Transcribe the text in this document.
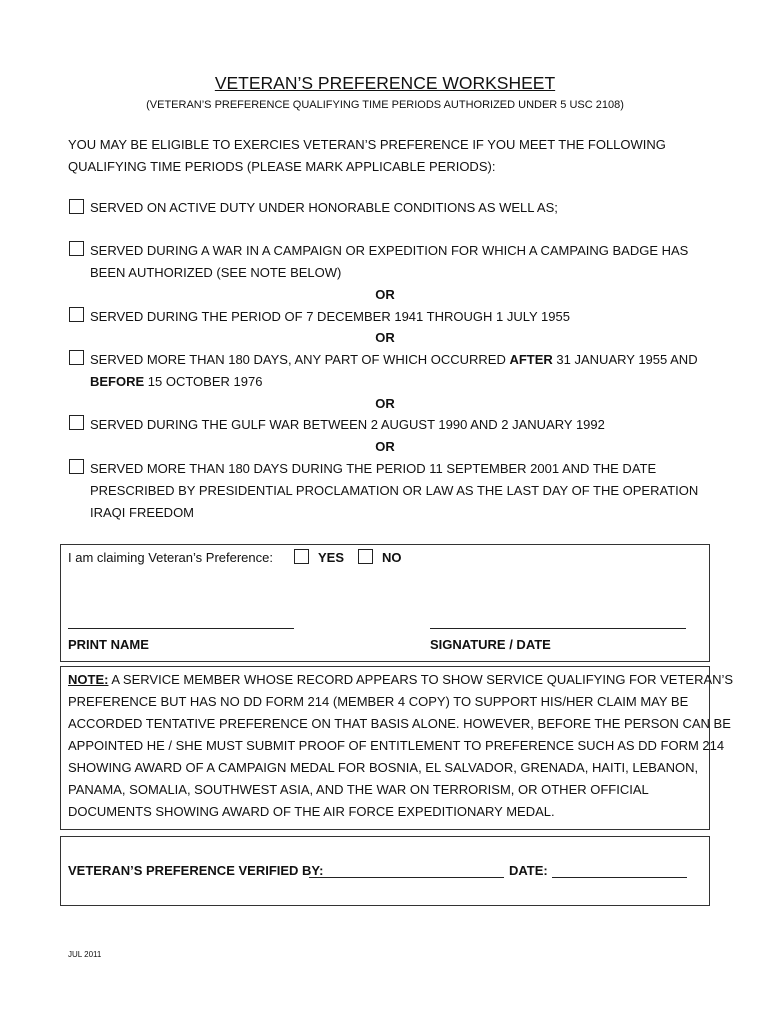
VETERAN’S PREFERENCE WORKSHEET
(VETERAN’S PREFERENCE QUALIFYING TIME PERIODS AUTHORIZED UNDER 5 USC 2108)
YOU MAY BE ELIGIBLE TO EXERCIES VETERAN’S PREFERENCE IF YOU MEET THE FOLLOWING
QUALIFYING TIME PERIODS (PLEASE MARK APPLICABLE PERIODS):
SERVED ON ACTIVE DUTY UNDER HONORABLE CONDITIONS AS WELL AS;
SERVED DURING A WAR IN A CAMPAIGN OR EXPEDITION FOR WHICH A CAMPAING BADGE HAS
BEEN AUTHORIZED (SEE NOTE BELOW)
OR
SERVED DURING THE PERIOD OF 7 DECEMBER 1941 THROUGH 1 JULY 1955
OR
SERVED MORE THAN 180 DAYS, ANY PART OF WHICH OCCURRED AFTER 31 JANUARY 1955 AND
BEFORE 15 OCTOBER 1976
OR
SERVED DURING THE GULF WAR BETWEEN 2 AUGUST 1990 AND 2 JANUARY 1992
OR
SERVED MORE THAN 180 DAYS DURING THE PERIOD 11 SEPTEMBER 2001 AND THE DATE
PRESCRIBED BY PRESIDENTIAL PROCLAMATION OR LAW AS THE LAST DAY OF THE OPERATION
IRAQI FREEDOM
I am claiming Veteran’s Preference:	YES	NO
PRINT NAME	SIGNATURE / DATE
NOTE: A SERVICE MEMBER WHOSE RECORD APPEARS TO SHOW SERVICE QUALIFYING FOR VETERAN’S
PREFERENCE BUT HAS NO DD FORM 214 (MEMBER 4 COPY) TO SUPPORT HIS/HER CLAIM MAY BE
ACCORDED TENTATIVE PREFERENCE ON THAT BASIS ALONE. HOWEVER, BEFORE THE PERSON CAN BE
APPOINTED HE / SHE MUST SUBMIT PROOF OF ENTITLEMENT TO PREFERENCE SUCH AS DD FORM 214
SHOWING AWARD OF A CAMPAIGN MEDAL FOR BOSNIA, EL SALVADOR, GRENADA, HAITI, LEBANON,
PANAMA, SOMALIA, SOUTHWEST ASIA, AND THE WAR ON TERRORISM, OR OTHER OFFICIAL
DOCUMENTS SHOWING AWARD OF THE AIR FORCE EXPEDITIONARY MEDAL.
VETERAN’S PREFERENCE VERIFIED BY:	DATE:
JUL 2011
